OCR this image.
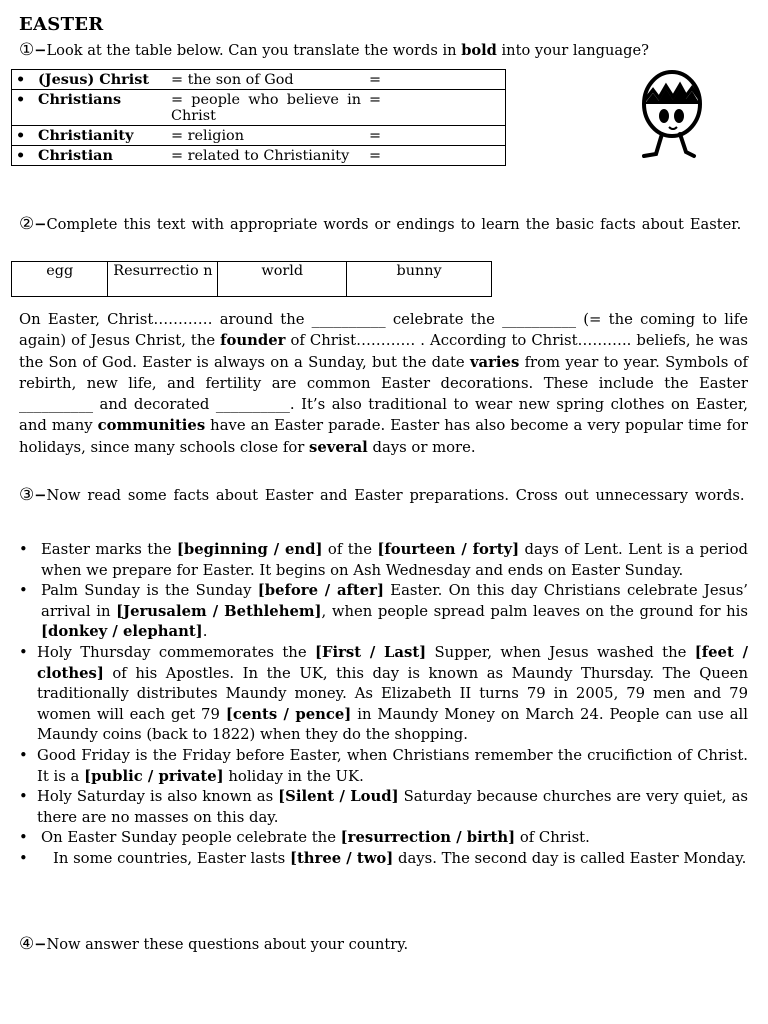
EASTER
①−Look at the table below. Can you translate the words in bold into your language?
• (Jesus) Christ	= the son of God	=
• Christians	= people who believe in Christ	=
• Christianity	= religion	=
• Christian	= related to Christianity	=
②−Complete this text with appropriate words or endings to learn the basic facts about Easter.
egg	Resurrectio n	world	bunny
On Easter, Christ………… around the __________ celebrate the __________ (= the coming to life again) of Jesus Christ, the founder of Christ………… . According to Christ……….. beliefs, he was the Son of God. Easter is always on a Sunday, but the date varies from year to year. Symbols of rebirth, new life, and fertility are common Easter decorations. These include the Easter __________ and decorated __________. It’s also traditional to wear new spring clothes on Easter, and many communities have an Easter parade. Easter has also become a very popular time for holidays, since many schools close for several days or more.
③−Now read some facts about Easter and Easter preparations. Cross out unnecessary words.
• Easter marks the [beginning / end] of the [fourteen / forty] days of Lent. Lent is a period when we prepare for Easter. It begins on Ash Wednesday and ends on Easter Sunday.
• Palm Sunday is the Sunday [before / after] Easter. On this day Christians celebrate Jesus’ arrival in [Jerusalem / Bethlehem], when people spread palm leaves on the ground for his [donkey / elephant].
• Holy Thursday commemorates the [First / Last] Supper, when Jesus washed the [feet / clothes] of his Apostles. In the UK, this day is known as Maundy Thursday. The Queen traditionally distributes Maundy money. As Elizabeth II turns 79 in 2005, 79 men and 79 women will each get 79 [cents / pence] in Maundy Money on March 24. People can use all Maundy coins (back to 1822) when they do the shopping.
• Good Friday is the Friday before Easter, when Christians remember the crucifiction of Christ. It is a [public / private] holiday in the UK.
• Holy Saturday is also known as [Silent / Loud] Saturday because churches are very quiet, as there are no masses on this day.
• On Easter Sunday people celebrate the [resurrection / birth] of Christ.
• In some countries, Easter lasts [three / two] days. The second day is called Easter Monday.
④−Now answer these questions about your country.
